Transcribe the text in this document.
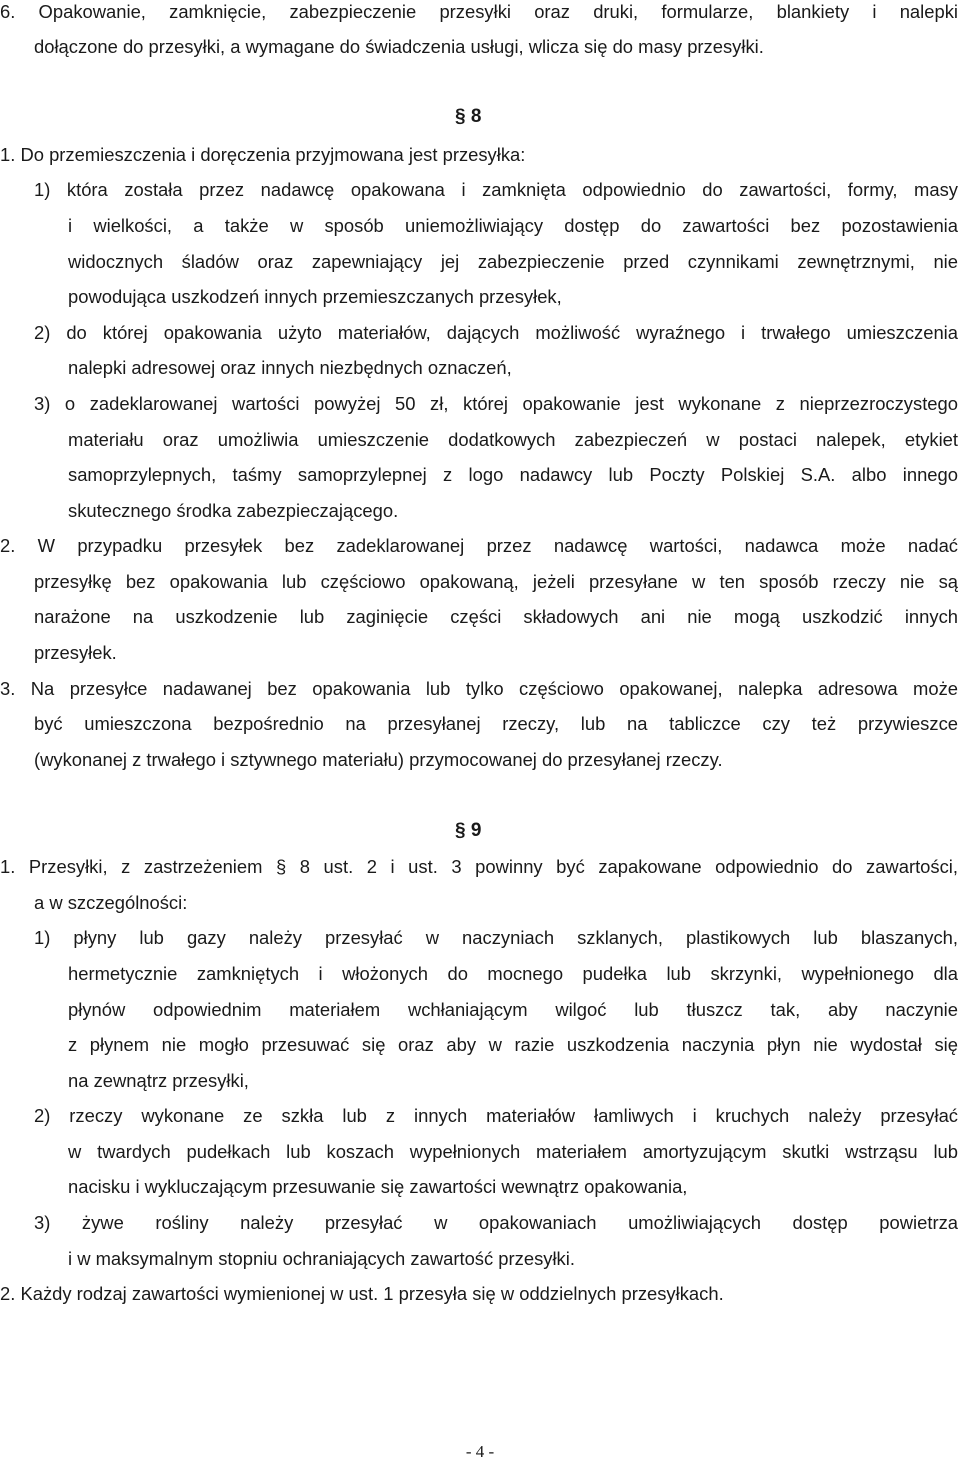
6. Opakowanie, zamknięcie, zabezpieczenie przesyłki oraz druki, formularze, blankiety i nalepki
dołączone do przesyłki, a wymagane do świadczenia usługi, wlicza się do masy przesyłki.
§ 8
1. Do przemieszczenia i doręczenia przyjmowana jest przesyłka:
1) która została przez nadawcę opakowana i zamknięta odpowiednio do zawartości, formy, masy
i wielkości, a także w sposób uniemożliwiający dostęp do zawartości bez pozostawienia
widocznych śladów oraz zapewniający jej zabezpieczenie przed czynnikami zewnętrznymi, nie
powodująca uszkodzeń innych przemieszczanych przesyłek,
2) do której opakowania użyto materiałów, dających możliwość wyraźnego i trwałego umieszczenia
nalepki adresowej oraz innych niezbędnych oznaczeń,
3) o zadeklarowanej wartości powyżej 50 zł, której opakowanie jest wykonane z nieprzezroczystego
materiału oraz umożliwia umieszczenie dodatkowych zabezpieczeń w postaci nalepek, etykiet
samoprzylepnych, taśmy samoprzylepnej z logo nadawcy lub Poczty Polskiej S.A. albo innego
skutecznego środka zabezpieczającego.
2. W przypadku przesyłek bez zadeklarowanej przez nadawcę wartości, nadawca może nadać
przesyłkę bez opakowania lub częściowo opakowaną, jeżeli przesyłane w ten sposób rzeczy nie są
narażone na uszkodzenie lub zaginięcie części składowych ani nie mogą uszkodzić innych
przesyłek.
3. Na przesyłce nadawanej bez opakowania lub tylko częściowo opakowanej, nalepka adresowa może
być umieszczona bezpośrednio na przesyłanej rzeczy, lub na tabliczce czy też przywieszce
(wykonanej z trwałego i sztywnego materiału) przymocowanej do przesyłanej rzeczy.
§ 9
1. Przesyłki, z zastrzeżeniem § 8 ust. 2 i ust. 3 powinny być zapakowane odpowiednio do zawartości,
a w szczególności:
1) płyny lub gazy należy przesyłać w naczyniach szklanych, plastikowych lub blaszanych,
hermetycznie zamkniętych i włożonych do mocnego pudełka lub skrzynki, wypełnionego dla
płynów odpowiednim materiałem wchłaniającym wilgoć lub tłuszcz tak, aby naczynie
z płynem nie mogło przesuwać się oraz aby w razie uszkodzenia naczynia płyn nie wydostał się
na zewnątrz przesyłki,
2) rzeczy wykonane ze szkła lub z innych materiałów łamliwych i kruchych należy przesyłać
w twardych pudełkach lub koszach wypełnionych materiałem amortyzującym skutki wstrząsu lub
nacisku i wykluczającym przesuwanie się zawartości wewnątrz opakowania,
3) żywe rośliny należy przesyłać w opakowaniach umożliwiających dostęp powietrza
i w maksymalnym stopniu ochraniających zawartość przesyłki.
2. Każdy rodzaj zawartości wymienionej w ust. 1 przesyła się w oddzielnych przesyłkach.
- 4 -
